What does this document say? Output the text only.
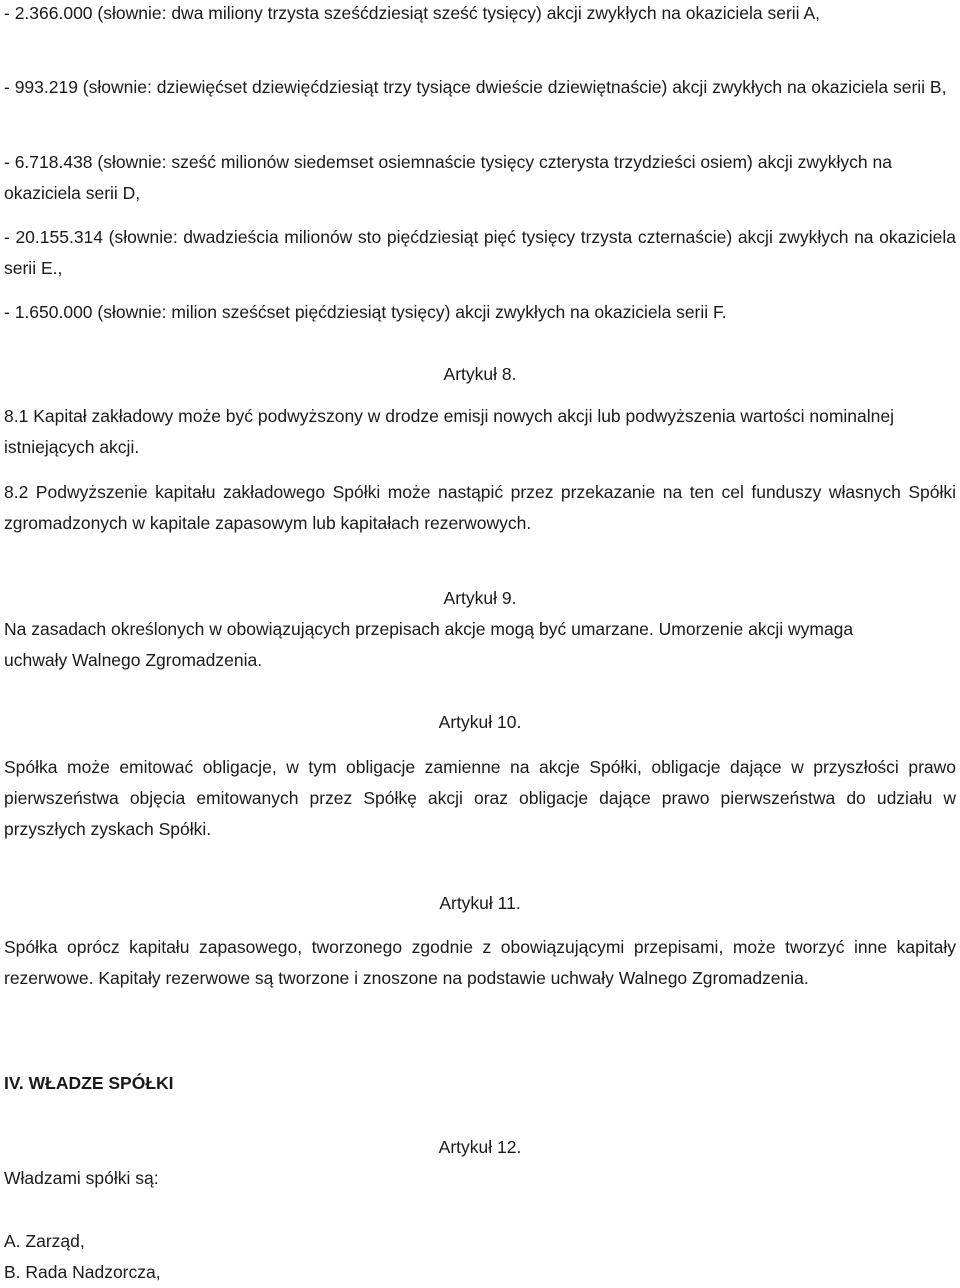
- 2.366.000 (słownie: dwa miliony trzysta sześćdziesiąt sześć tysięcy) akcji zwykłych na okaziciela serii A,
- 993.219 (słownie: dziewięćset dziewięćdziesiąt trzy tysiące dwieście dziewiętnaście) akcji zwykłych na okaziciela serii B,
- 6.718.438 (słownie: sześć milionów siedemset osiemnaście tysięcy czterysta trzydzieści osiem) akcji zwykłych na okaziciela serii D,
- 20.155.314 (słownie: dwadzieścia milionów sto pięćdziesiąt pięć tysięcy trzysta czternaście) akcji zwykłych na okaziciela serii E.,
- 1.650.000 (słownie: milion sześćset pięćdziesiąt tysięcy) akcji zwykłych na okaziciela serii F.
Artykuł 8.
8.1 Kapitał zakładowy może być podwyższony w drodze emisji nowych akcji lub podwyższenia wartości nominalnej istniejących akcji.
8.2 Podwyższenie kapitału zakładowego Spółki może nastąpić przez przekazanie na ten cel funduszy własnych Spółki zgromadzonych w kapitale zapasowym lub kapitałach rezerwowych.
Artykuł 9.
Na zasadach określonych w obowiązujących przepisach akcje mogą być umarzane. Umorzenie akcji wymaga uchwały Walnego Zgromadzenia.
Artykuł 10.
Spółka może emitować obligacje, w tym obligacje zamienne na akcje Spółki, obligacje dające w przyszłości prawo pierwszeństwa objęcia emitowanych przez Spółkę akcji oraz obligacje dające prawo pierwszeństwa do udziału w przyszłych zyskach Spółki.
Artykuł 11.
Spółka oprócz kapitału zapasowego, tworzonego zgodnie z obowiązującymi przepisami, może tworzyć inne kapitały rezerwowe. Kapitały rezerwowe są tworzone i znoszone na podstawie uchwały Walnego Zgromadzenia.
IV. WŁADZE SPÓŁKI
Artykuł 12.
Władzami spółki są:
A. Zarząd,
B. Rada Nadzorcza,
